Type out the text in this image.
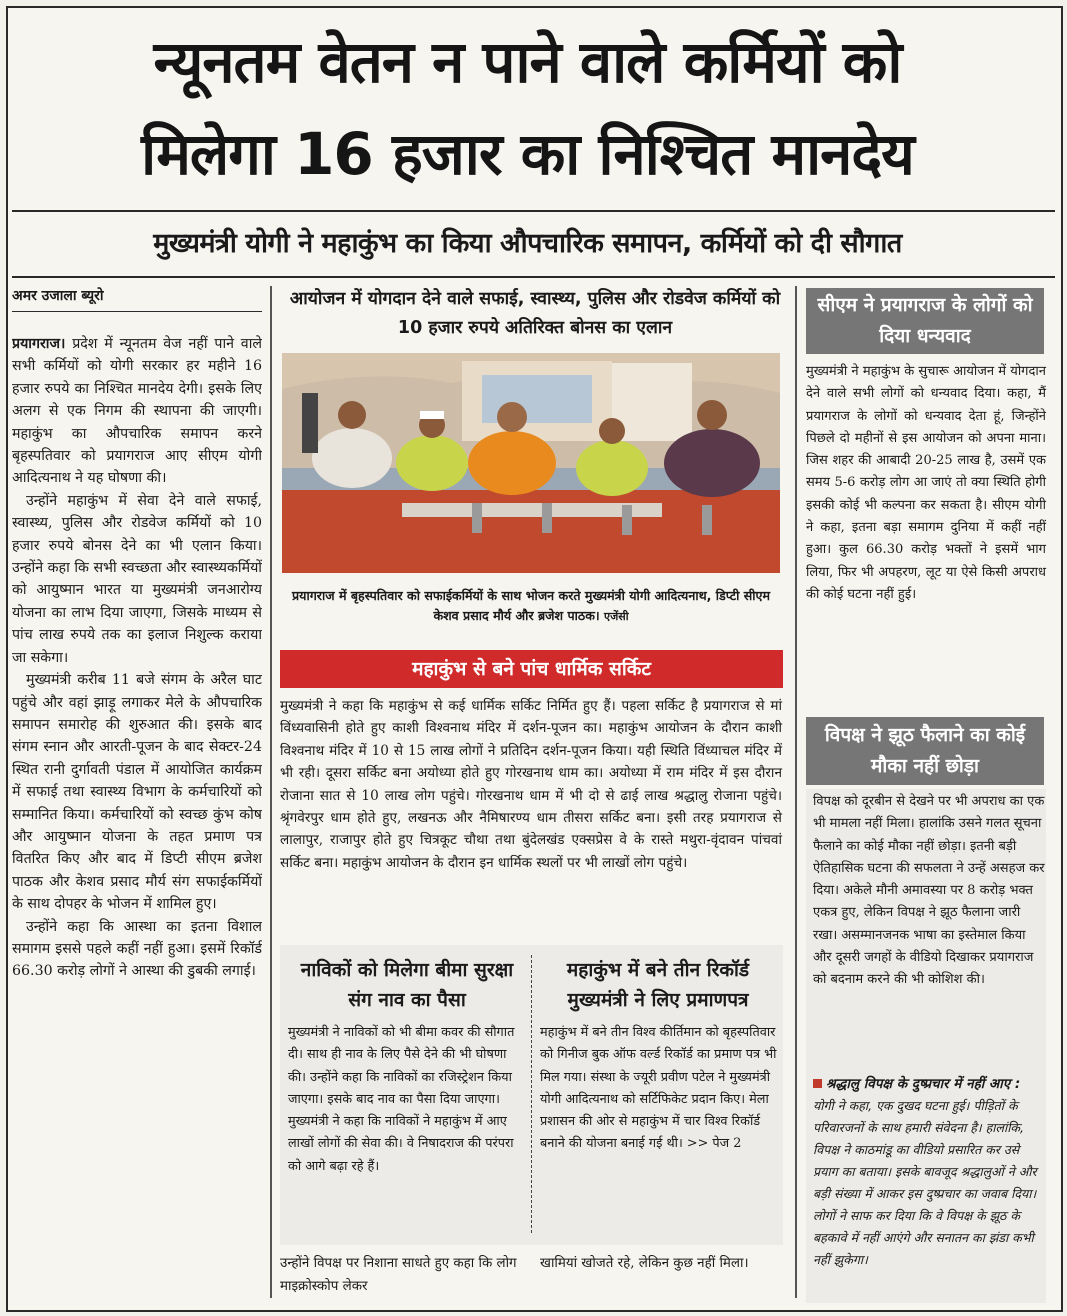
न्यूनतम वेतन न पाने वाले कर्मियों को
मिलेगा 16 हजार का निश्चित मानदेय
मुख्यमंत्री योगी ने महाकुंभ का किया औपचारिक समापन, कर्मियों को दी सौगात
अमर उजाला ब्यूरो

प्रयागराज। प्रदेश में न्यूनतम वेज नहीं पाने वाले सभी कर्मियों को योगी सरकार हर महीने 16 हजार रुपये का निश्चित मानदेय देगी। इसके लिए अलग से एक निगम की स्थापना की जाएगी। महाकुंभ का औपचारिक समापन करने बृहस्पतिवार को प्रयागराज आए सीएम योगी आदित्यनाथ ने यह घोषणा की।

उन्होंने महाकुंभ में सेवा देने वाले सफाई, स्वास्थ्य, पुलिस और रोडवेज कर्मियों को 10 हजार रुपये बोनस देने का भी एलान किया। उन्होंने कहा कि सभी स्वच्छता और स्वास्थ्यकर्मियों को आयुष्मान भारत या मुख्यमंत्री जनआरोग्य योजना का लाभ दिया जाएगा, जिसके माध्यम से पांच लाख रुपये तक का इलाज निशुल्क कराया जा सकेगा।

मुख्यमंत्री करीब 11 बजे संगम के अरैल घाट पहुंचे और वहां झाड़ू लगाकर मेले के औपचारिक समापन समारोह की शुरुआत की। इसके बाद संगम स्नान और आरती-पूजन के बाद सेक्टर-24 स्थित रानी दुर्गावती पंडाल में आयोजित कार्यक्रम में सफाई तथा स्वास्थ्य विभाग के कर्मचारियों को सम्मानित किया। कर्मचारियों को स्वच्छ कुंभ कोष और आयुष्मान योजना के तहत प्रमाण पत्र वितरित किए और बाद में डिप्टी सीएम ब्रजेश पाठक और केशव प्रसाद मौर्य संग सफाईकर्मियों के साथ दोपहर के भोजन में शामिल हुए।

उन्होंने कहा कि आस्था का इतना विशाल समागम इससे पहले कहीं नहीं हुआ। इसमें रिकॉर्ड 66.30 करोड़ लोगों ने आस्था की डुबकी लगाई।

आयोजन में योगदान देने वाले सफाई, स्वास्थ्य, पुलिस और रोडवेज कर्मियों को 10 हजार रुपये अतिरिक्त बोनस का एलान
प्रयागराज में बृहस्पतिवार को सफाईकर्मियों के साथ भोजन करते मुख्यमंत्री योगी आदित्यनाथ, डिप्टी सीएम केशव प्रसाद मौर्य और ब्रजेश पाठक। एजेंसी
महाकुंभ से बने पांच धार्मिक सर्किट
मुख्यमंत्री ने कहा कि महाकुंभ से कई धार्मिक सर्किट निर्मित हुए हैं। पहला सर्किट है प्रयागराज से मां विंध्यवासिनी होते हुए काशी विश्वनाथ मंदिर में दर्शन-पूजन का। महाकुंभ आयोजन के दौरान काशी विश्वनाथ मंदिर में 10 से 15 लाख लोगों ने प्रतिदिन दर्शन-पूजन किया। यही स्थिति विंध्याचल मंदिर में भी रही। दूसरा सर्किट बना अयोध्या होते हुए गोरखनाथ धाम का। अयोध्या में राम मंदिर में इस दौरान रोजाना सात से 10 लाख लोग पहुंचे। गोरखनाथ धाम में भी दो से ढाई लाख श्रद्धालु रोजाना पहुंचे। श्रृंगवेरपुर धाम होते हुए, लखनऊ और नैमिषारण्य धाम तीसरा सर्किट बना। इसी तरह प्रयागराज से लालापुर, राजापुर होते हुए चित्रकूट चौथा तथा बुंदेलखंड एक्सप्रेस वे के रास्ते मथुरा-वृंदावन पांचवां सर्किट बना। महाकुंभ आयोजन के दौरान इन धार्मिक स्थलों पर भी लाखों लोग पहुंचे।
नाविकों को मिलेगा बीमा सुरक्षा संग नाव का पैसा
मुख्यमंत्री ने नाविकों को भी बीमा कवर की सौगात दी। साथ ही नाव के लिए पैसे देने की भी घोषणा की। उन्होंने कहा कि नाविकों का रजिस्ट्रेशन किया जाएगा। इसके बाद नाव का पैसा दिया जाएगा। मुख्यमंत्री ने कहा कि नाविकों ने महाकुंभ में आए लाखों लोगों की सेवा की। वे निषादराज की परंपरा को आगे बढ़ा रहे हैं।
महाकुंभ में बने तीन रिकॉर्ड मुख्यमंत्री ने लिए प्रमाणपत्र
महाकुंभ में बने तीन विश्व कीर्तिमान को बृहस्पतिवार को गिनीज बुक ऑफ वर्ल्ड रिकॉर्ड का प्रमाण पत्र भी मिल गया। संस्था के ज्यूरी प्रवीण पटेल ने मुख्यमंत्री योगी आदित्यनाथ को सर्टिफिकेट प्रदान किए। मेला प्रशासन की ओर से महाकुंभ में चार विश्व रिकॉर्ड बनाने की योजना बनाई गई थी। >> पेज 2
उन्होंने विपक्ष पर निशाना साधते हुए कहा कि लोग माइक्रोस्कोप लेकर
खामियां खोजते रहे, लेकिन कुछ नहीं मिला।
सीएम ने प्रयागराज के लोगों को दिया धन्यवाद
मुख्यमंत्री ने महाकुंभ के सुचारू आयोजन में योगदान देने वाले सभी लोगों को धन्यवाद दिया। कहा, मैं प्रयागराज के लोगों को धन्यवाद देता हूं, जिन्होंने पिछले दो महीनों से इस आयोजन को अपना माना। जिस शहर की आबादी 20-25 लाख है, उसमें एक समय 5-6 करोड़ लोग आ जाएं तो क्या स्थिति होगी इसकी कोई भी कल्पना कर सकता है। सीएम योगी ने कहा, इतना बड़ा समागम दुनिया में कहीं नहीं हुआ। कुल 66.30 करोड़ भक्तों ने इसमें भाग लिया, फिर भी अपहरण, लूट या ऐसे किसी अपराध की कोई घटना नहीं हुई।
विपक्ष ने झूठ फैलाने का कोई मौका नहीं छोड़ा
विपक्ष को दूरबीन से देखने पर भी अपराध का एक भी मामला नहीं मिला। हालांकि उसने गलत सूचना फैलाने का कोई मौका नहीं छोड़ा। इतनी बड़ी ऐतिहासिक घटना की सफलता ने उन्हें असहज कर दिया। अकेले मौनी अमावस्या पर 8 करोड़ भक्त एकत्र हुए, लेकिन विपक्ष ने झूठ फैलाना जारी रखा। असम्मानजनक भाषा का इस्तेमाल किया और दूसरी जगहों के वीडियो दिखाकर प्रयागराज को बदनाम करने की भी कोशिश की।
श्रद्धालु विपक्ष के दुष्प्रचार में नहीं आए : योगी ने कहा, एक दुखद घटना हुई। पीड़ितों के परिवारजनों के साथ हमारी संवेदना है। हालांकि, विपक्ष ने काठमांडू का वीडियो प्रसारित कर उसे प्रयाग का बताया। इसके बावजूद श्रद्धालुओं ने और बड़ी संख्या में आकर इस दुष्प्रचार का जवाब दिया। लोगों ने साफ कर दिया कि वे विपक्ष के झूठ के बहकावे में नहीं आएंगे और सनातन का झंडा कभी नहीं झुकेगा।
